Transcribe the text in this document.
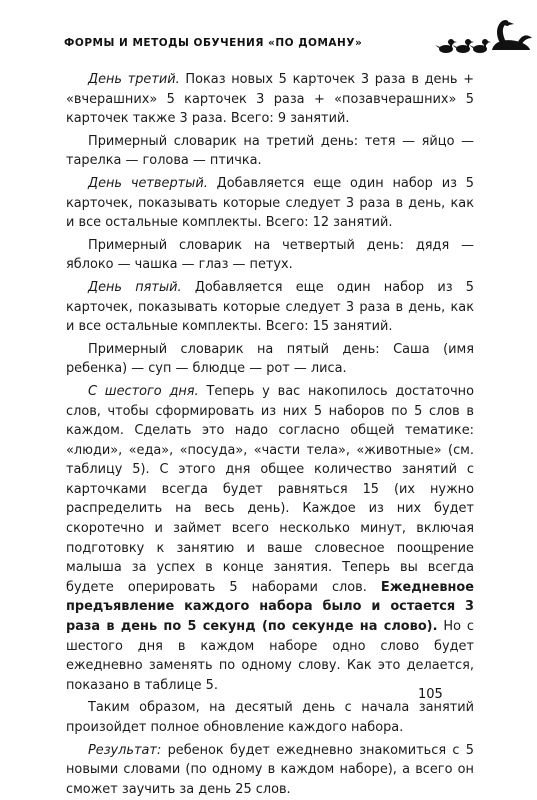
ФОРМЫ И МЕТОДЫ ОБУЧЕНИЯ «ПО ДОМАНУ»

День третий. Показ новых 5 карточек 3 раза в день + «вчерашних» 5 карточек 3 раза + «позавчерашних» 5 карточек также 3 раза. Всего: 9 занятий.

Примерный словарик на третий день: тетя — яйцо — тарелка — голова — птичка.

День четвертый. Добавляется еще один набор из 5 карточек, показывать которые следует 3 раза в день, как и все остальные комплекты. Всего: 12 занятий.

Примерный словарик на четвертый день: дядя — яблоко — чашка — глаз — петух.

День пятый. Добавляется еще один набор из 5 карточек, показывать которые следует 3 раза в день, как и все остальные комплекты. Всего: 15 занятий.

Примерный словарик на пятый день: Саша (имя ребенка) — суп — блюдце — рот — лиса.

С шестого дня. Теперь у вас накопилось достаточно слов, чтобы сформировать из них 5 наборов по 5 слов в каждом. Сделать это надо согласно общей тематике: «люди», «еда», «посуда», «части тела», «животные» (см. таблицу 5). С этого дня общее количество занятий с карточками всегда будет равняться 15 (их нужно распределить на весь день). Каждое из них будет скоротечно и займет всего несколько минут, включая подготовку к занятию и ваше словесное поощрение малыша за успех в конце занятия. Теперь вы всегда будете оперировать 5 наборами слов. Ежедневное предъявление каждого набора было и остается 3 раза в день по 5 секунд (по секунде на слово). Но с шестого дня в каждом наборе одно слово будет ежедневно заменять по одному слову. Как это делается, показано в таблице 5.

Таким образом, на десятый день с начала занятий произойдет полное обновление каждого набора.

Результат: ребенок будет ежедневно знакомиться с 5 новыми словами (по одному в каждом наборе), а всего он сможет заучить за день 25 слов.

105
